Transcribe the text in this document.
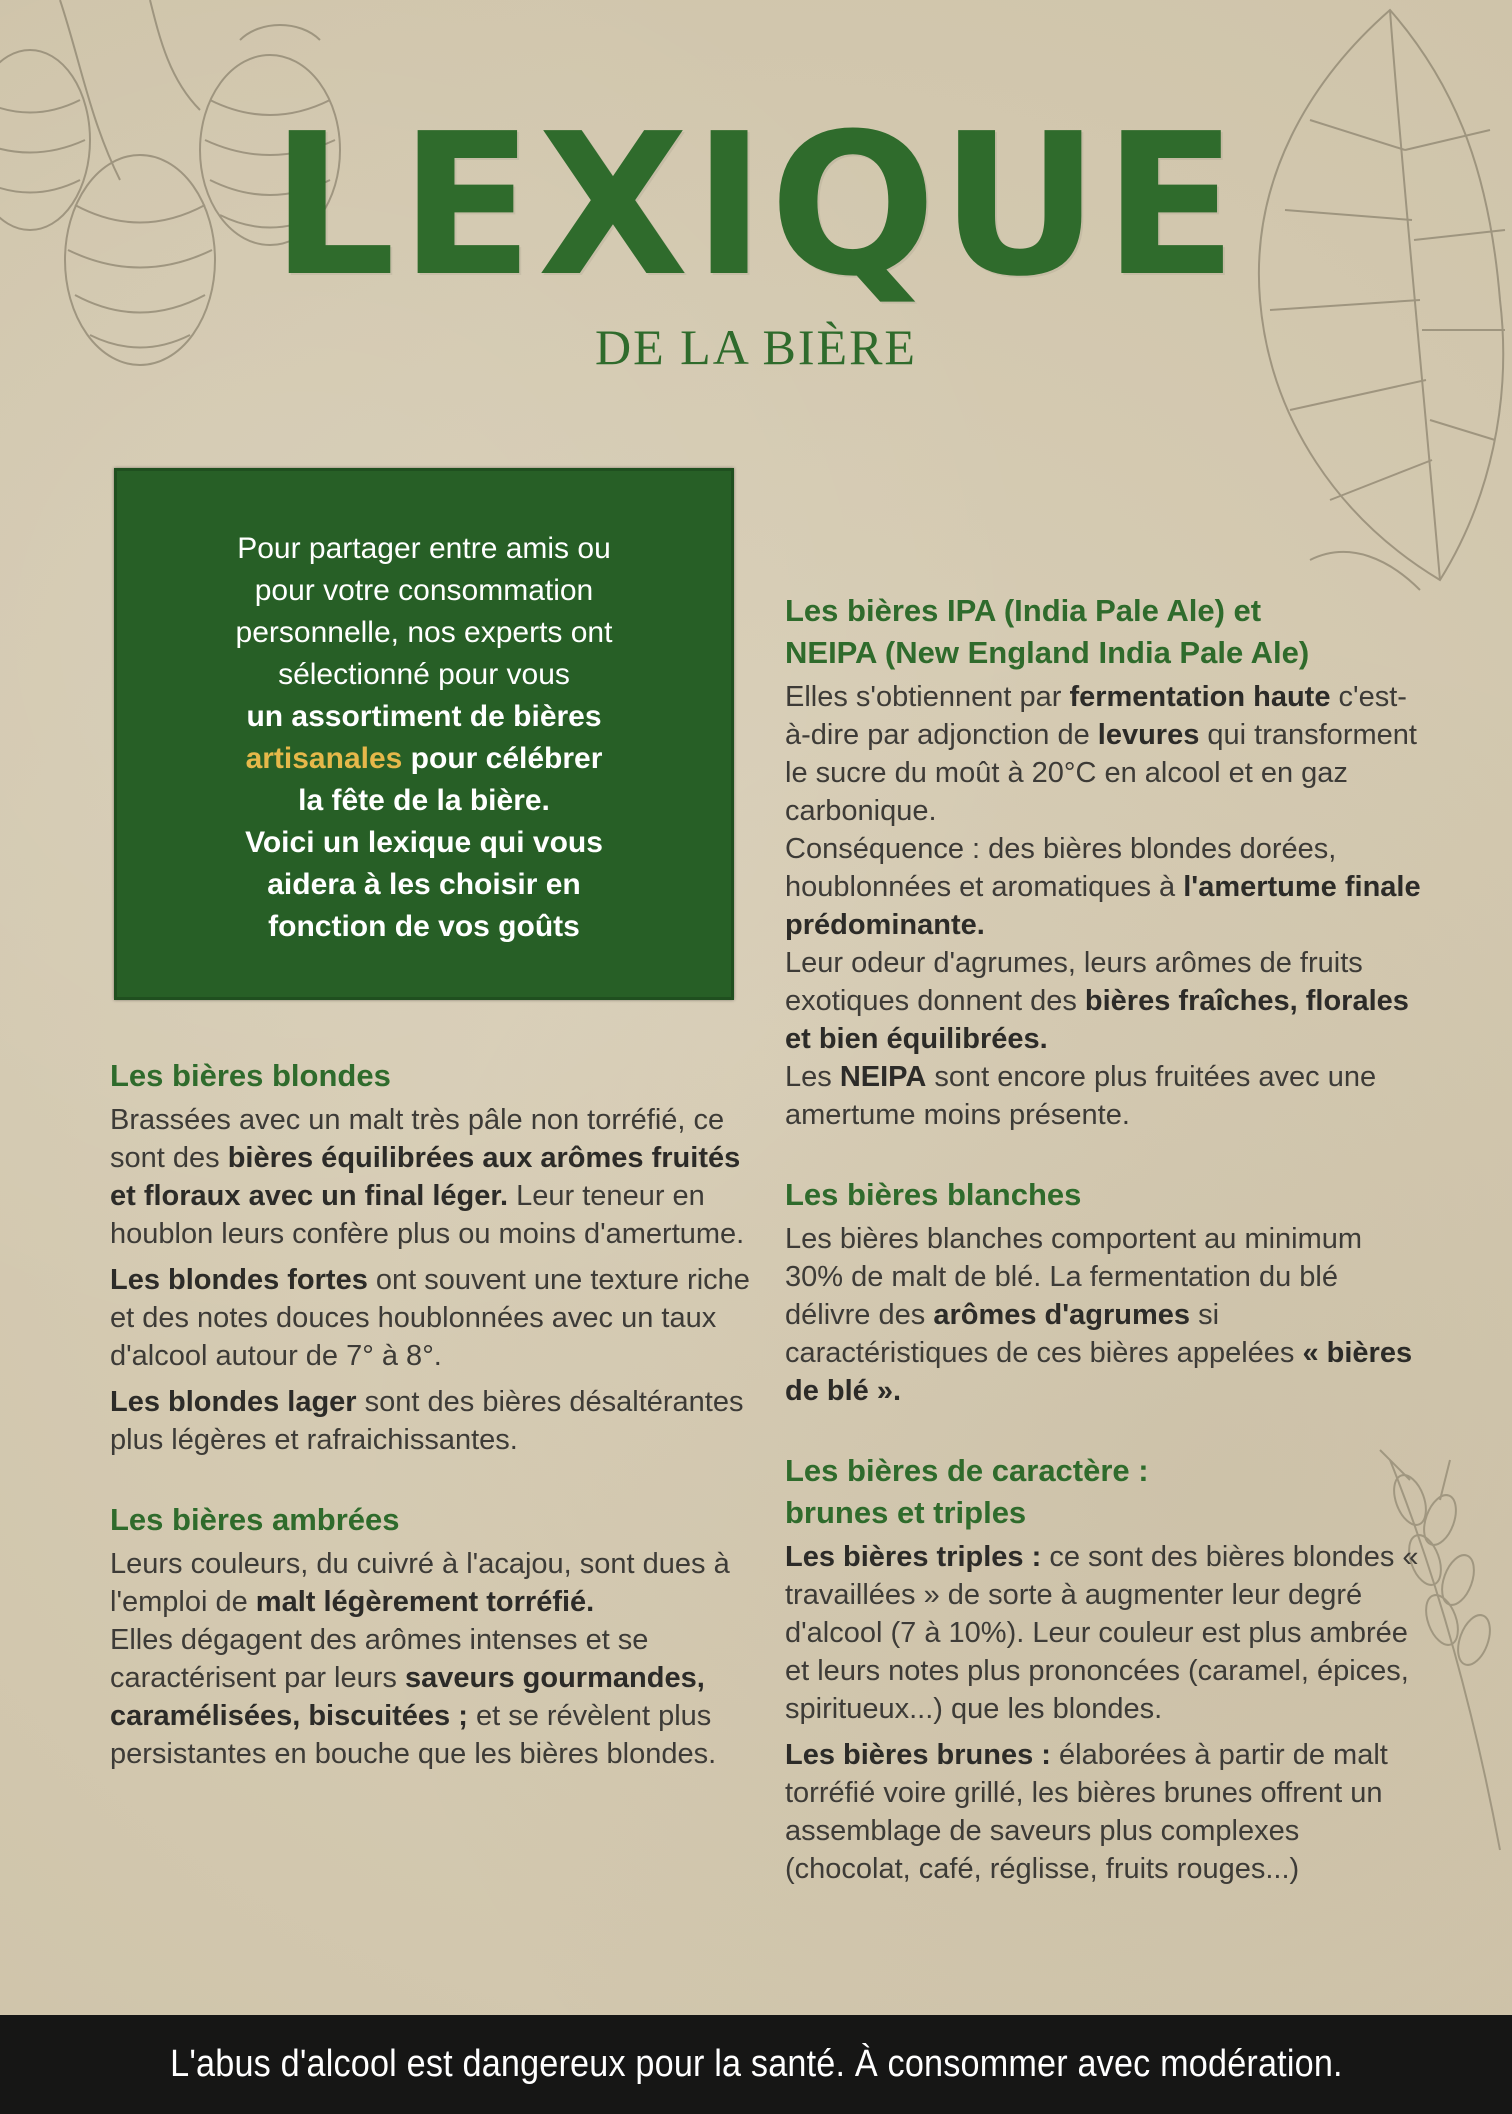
LEXIQUE
DE LA BIÈRE

Pour partager entre amis ou

pour votre consommation

personnelle, nos experts ont

sélectionné pour vous

un assortiment de bières

artisanales pour célébrer

la fête de la bière.

Voici un lexique qui vous

aidera à les choisir en

fonction de vos goûts

Les bières blondes

Brassées avec un malt très pâle non torréfié, ce sont des bières équilibrées aux arômes fruités et floraux avec un final léger. Leur teneur en houblon leurs confère plus ou moins d'amertume.

Les blondes fortes ont souvent une texture riche et des notes douces houblonnées avec un taux d'alcool autour de 7° à 8°.

Les blondes lager sont des bières désaltérantes plus légères et rafraichissantes.

Les bières ambrées

Leurs couleurs, du cuivré à l'acajou, sont dues à l'emploi de malt légèrement torréfié.

Elles dégagent des arômes intenses et se caractérisent par leurs saveurs gourmandes, caramélisées, biscuitées ; et se révèlent plus persistantes en bouche que les bières blondes.

Les bières IPA (India Pale Ale) et
NEIPA (New England India Pale Ale)

Elles s'obtiennent par fermentation haute c'est-à-dire par adjonction de levures qui transforment le sucre du moût à 20°C en alcool et en gaz carbonique.

Conséquence : des bières blondes dorées, houblonnées et aromatiques à l'amertume finale prédominante.

Leur odeur d'agrumes, leurs arômes de fruits exotiques donnent des bières fraîches, florales et bien équilibrées.

Les NEIPA sont encore plus fruitées avec une amertume moins présente.

Les bières blanches

Les bières blanches comportent au minimum 30% de malt de blé. La fermentation du blé délivre des arômes d'agrumes si caractéristiques de ces bières appelées « bières de blé ».

Les bières de caractère :
brunes et triples

Les bières triples : ce sont des bières blondes « travaillées » de sorte à augmenter leur degré d'alcool (7 à 10%). Leur couleur est plus ambrée et leurs notes plus prononcées (caramel, épices, spiritueux...) que les blondes.

Les bières brunes : élaborées à partir de malt torréfié voire grillé, les bières brunes offrent un assemblage de saveurs plus complexes (chocolat, café, réglisse, fruits rouges...)

L'abus d'alcool est dangereux pour la santé. À consommer avec modération.
